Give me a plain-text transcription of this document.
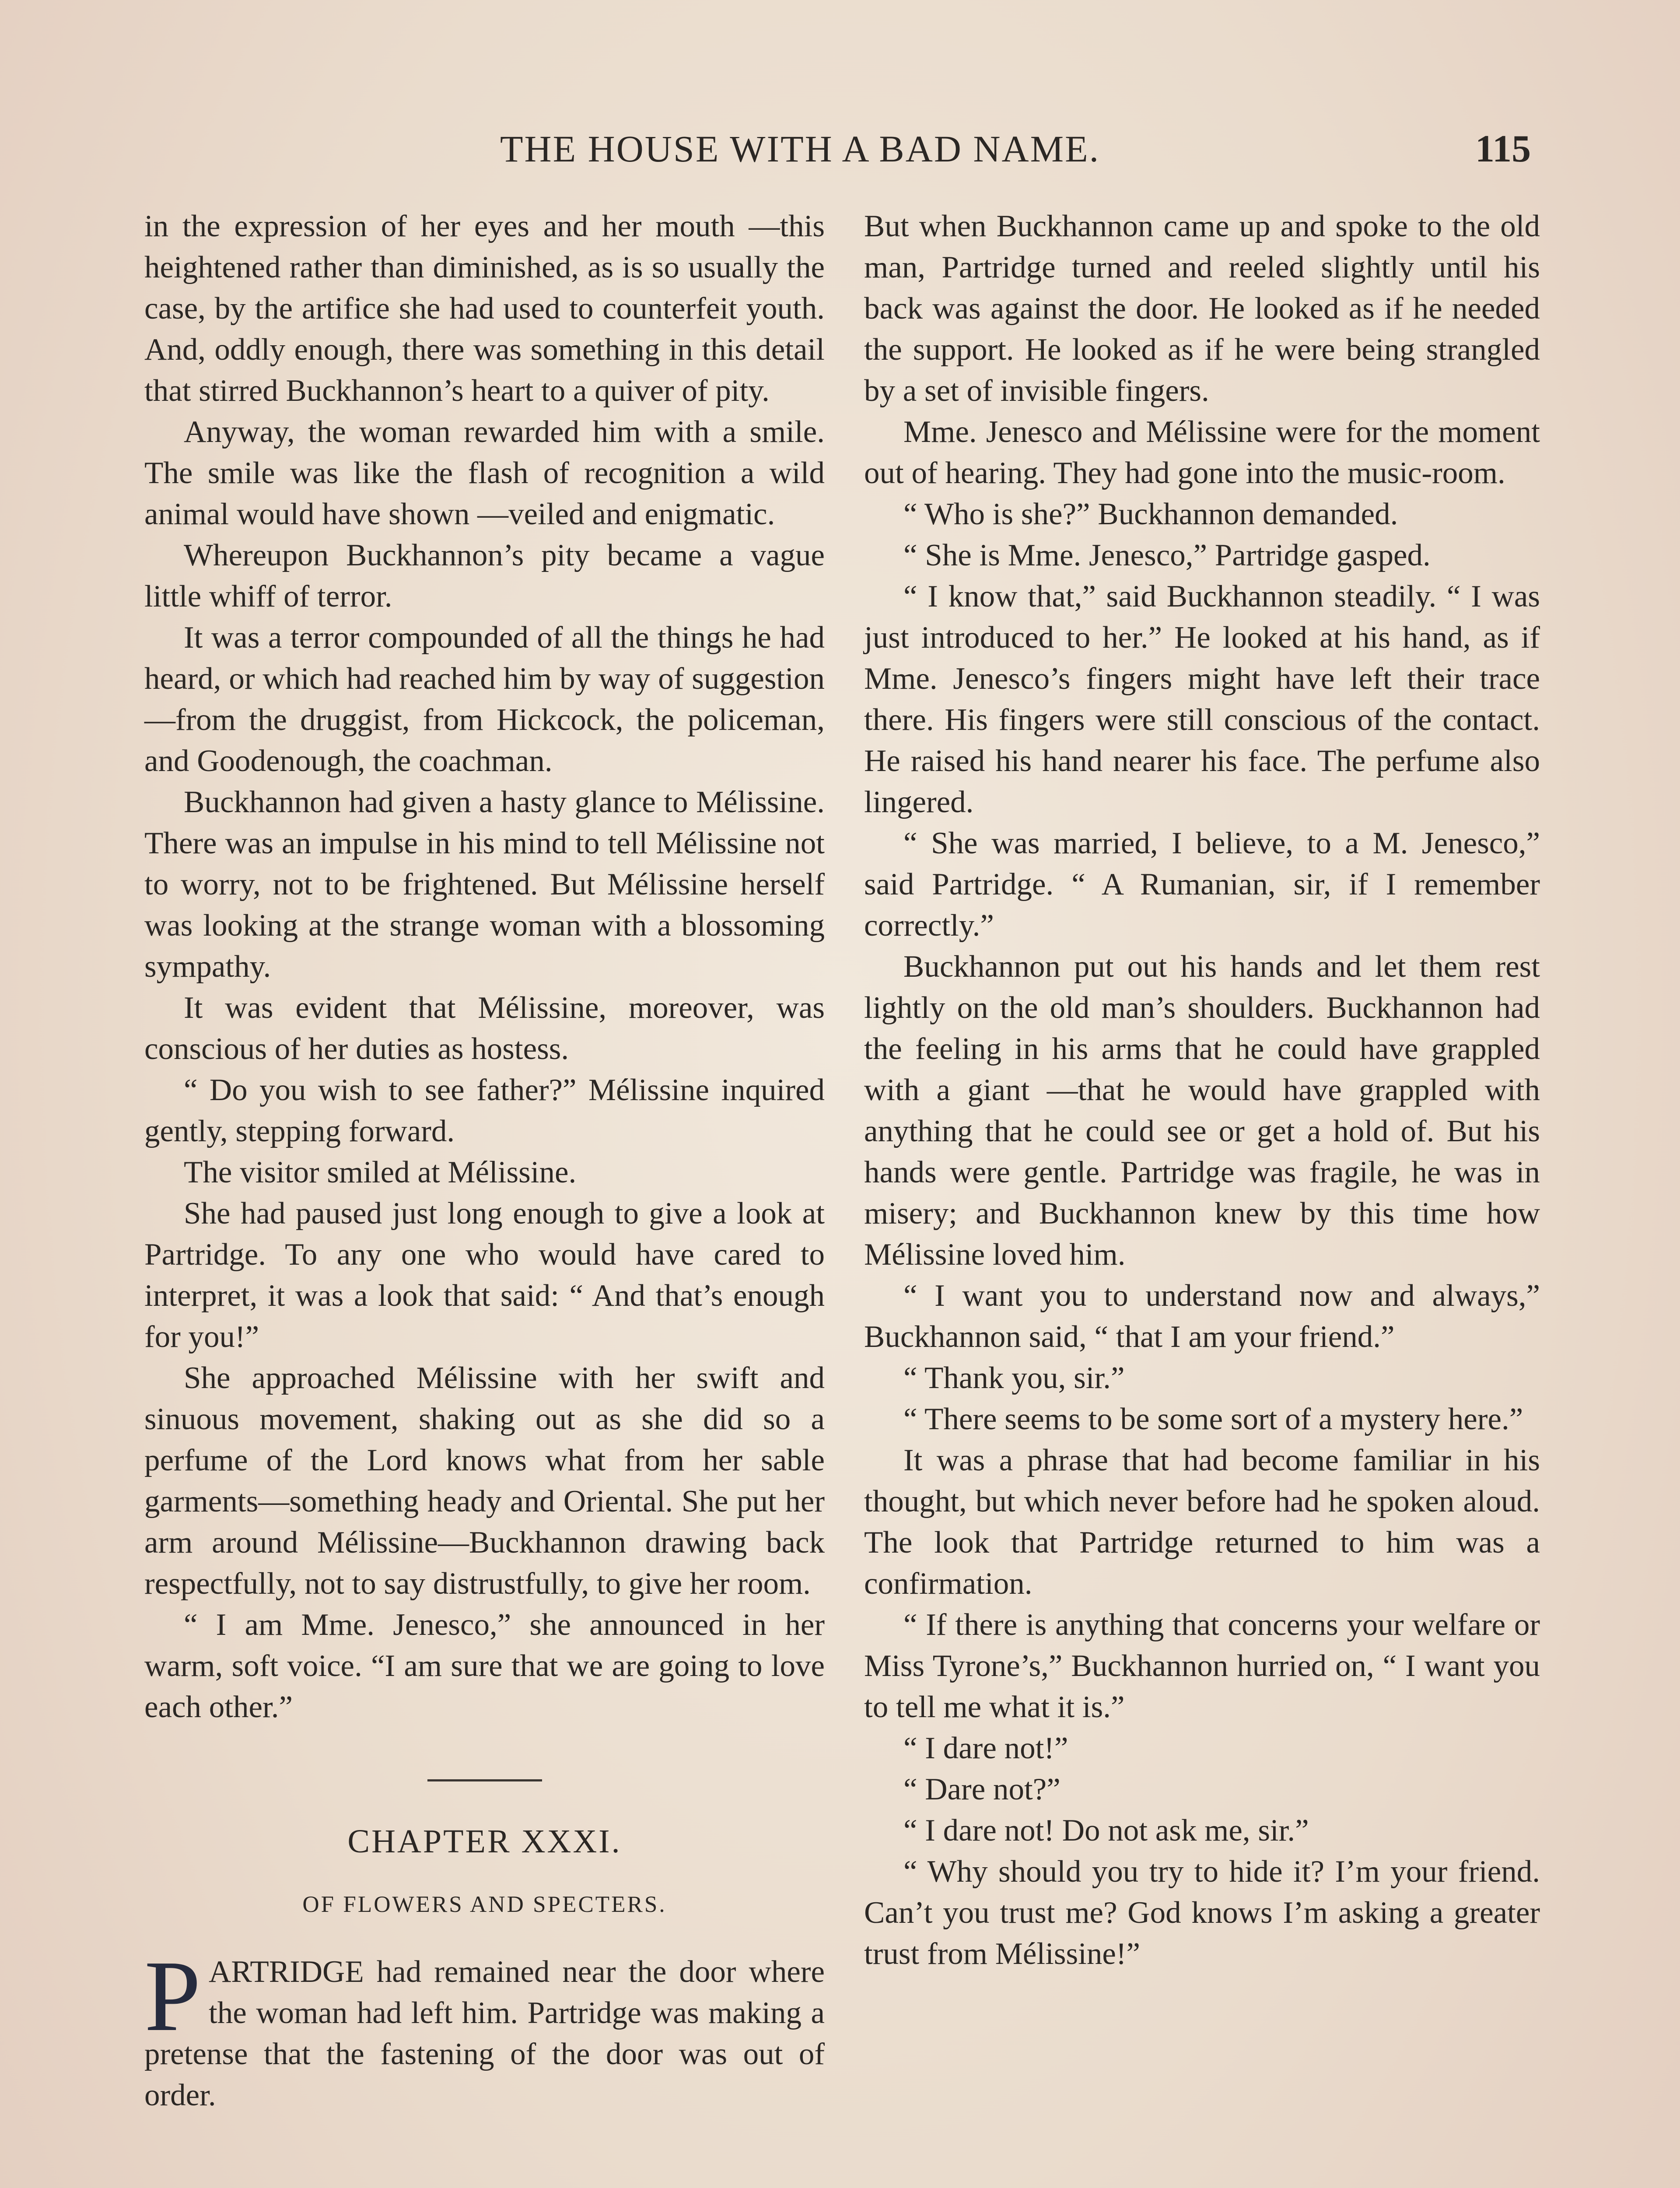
THE HOUSE WITH A BAD NAME.	115

in the expression of her eyes and her mouth —this heightened rather than diminished, as is so usually the case, by the artifice she had used to counterfeit youth. And, oddly enough, there was something in this detail that stirred Buckhannon’s heart to a quiver of pity.

Anyway, the woman rewarded him with a smile. The smile was like the flash of recognition a wild animal would have shown —veiled and enigmatic.

Whereupon Buckhannon’s pity became a vague little whiff of terror.

It was a terror compounded of all the things he had heard, or which had reached him by way of suggestion—from the druggist, from Hickcock, the policeman, and Goodenough, the coachman.

Buckhannon had given a hasty glance to Mélissine. There was an impulse in his mind to tell Mélissine not to worry, not to be frightened. But Mélissine herself was looking at the strange woman with a blossoming sympathy.

It was evident that Mélissine, moreover, was conscious of her duties as hostess.

“ Do you wish to see father?” Mélissine inquired gently, stepping forward.

The visitor smiled at Mélissine.

She had paused just long enough to give a look at Partridge. To any one who would have cared to interpret, it was a look that said: “ And that’s enough for you!”

She approached Mélissine with her swift and sinuous movement, shaking out as she did so a perfume of the Lord knows what from her sable garments—something heady and Oriental. She put her arm around Mélissine—Buckhannon drawing back respectfully, not to say distrustfully, to give her room.

“ I am Mme. Jenesco,” she announced in her warm, soft voice. “I am sure that we are going to love each other.”

CHAPTER XXXI.
OF FLOWERS AND SPECTERS.

P ARTRIDGE had remained near the door where the woman had left him. Partridge was making a pretense that the fastening of the door was out of order.

But when Buckhannon came up and spoke to the old man, Partridge turned and reeled slightly until his back was against the door. He looked as if he needed the support. He looked as if he were being strangled by a set of invisible fingers.

Mme. Jenesco and Mélissine were for the moment out of hearing. They had gone into the music-room.

“ Who is she?” Buckhannon demanded.

“ She is Mme. Jenesco,” Partridge gasped.

“ I know that,” said Buckhannon steadily. “ I was just introduced to her.” He looked at his hand, as if Mme. Jenesco’s fingers might have left their trace there. His fingers were still conscious of the contact. He raised his hand nearer his face. The perfume also lingered.

“ She was married, I believe, to a M. Jenesco,” said Partridge. “ A Rumanian, sir, if I remember correctly.”

Buckhannon put out his hands and let them rest lightly on the old man’s shoulders. Buckhannon had the feeling in his arms that he could have grappled with a giant —that he would have grappled with anything that he could see or get a hold of. But his hands were gentle. Partridge was fragile, he was in misery; and Buckhannon knew by this time how Mélissine loved him.

“ I want you to understand now and always,” Buckhannon said, “ that I am your friend.”

“ Thank you, sir.”

“ There seems to be some sort of a mystery here.”

It was a phrase that had become familiar in his thought, but which never before had he spoken aloud. The look that Partridge returned to him was a confirmation.

“ If there is anything that concerns your welfare or Miss Tyrone’s,” Buckhannon hurried on, “ I want you to tell me what it is.”

“ I dare not!”

“ Dare not?”

“ I dare not! Do not ask me, sir.”

“ Why should you try to hide it? I’m your friend. Can’t you trust me? God knows I’m asking a greater trust from Mélissine!”
